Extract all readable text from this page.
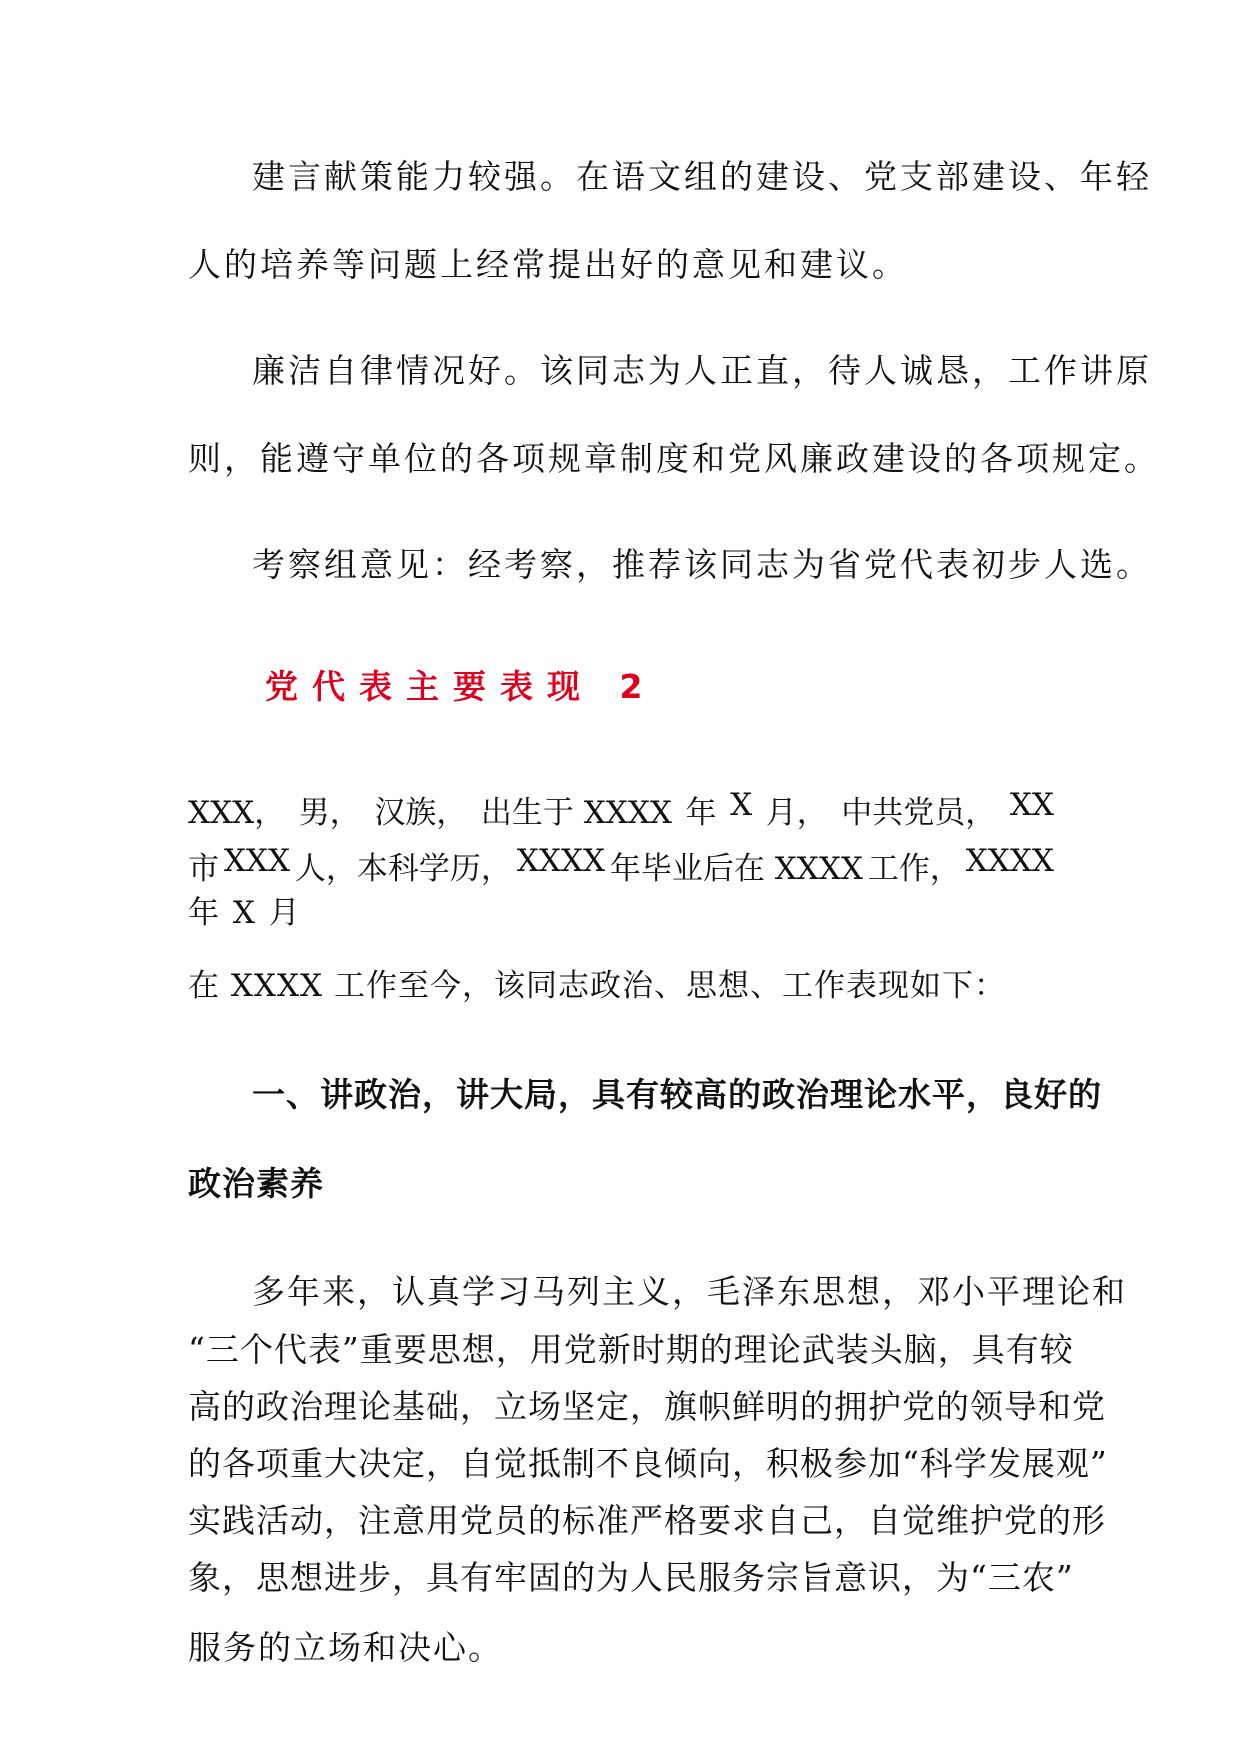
建言献策能力较强。在语文组的建设、党支部建设、年轻
人的培养等问题上经常提出好的意见和建议。
廉洁自律情况好。该同志为人正直，待人诚恳，工作讲原
则，能遵守单位的各项规章制度和党风廉政建设的各项规定。
考察组意见：经考察，推荐该同志为省党代表初步人选。
党代表主要表现 2
XXX， 男， 汉族， 出生于 XXXX 年 X 月， 中共党员， XX
市 XXX 人，本科学历， XXXX 年毕业后在 XXXX 工作， XXXX
年 X 月
在 XXXX 工作至今，该同志政治、思想、工作表现如下：
一、讲政治，讲大局，具有较高的政治理论水平，良好的
政治素养
多年来，认真学习马列主义，毛泽东思想，邓小平理论和
“三个代表”重要思想，用党新时期的理论武装头脑，具有较
高的政治理论基础，立场坚定，旗帜鲜明的拥护党的领导和党
的各项重大决定，自觉抵制不良倾向，积极参加“科学发展观”
实践活动，注意用党员的标准严格要求自己，自觉维护党的形
象，思想进步，具有牢固的为人民服务宗旨意识，为“三农”
服务的立场和决心。
